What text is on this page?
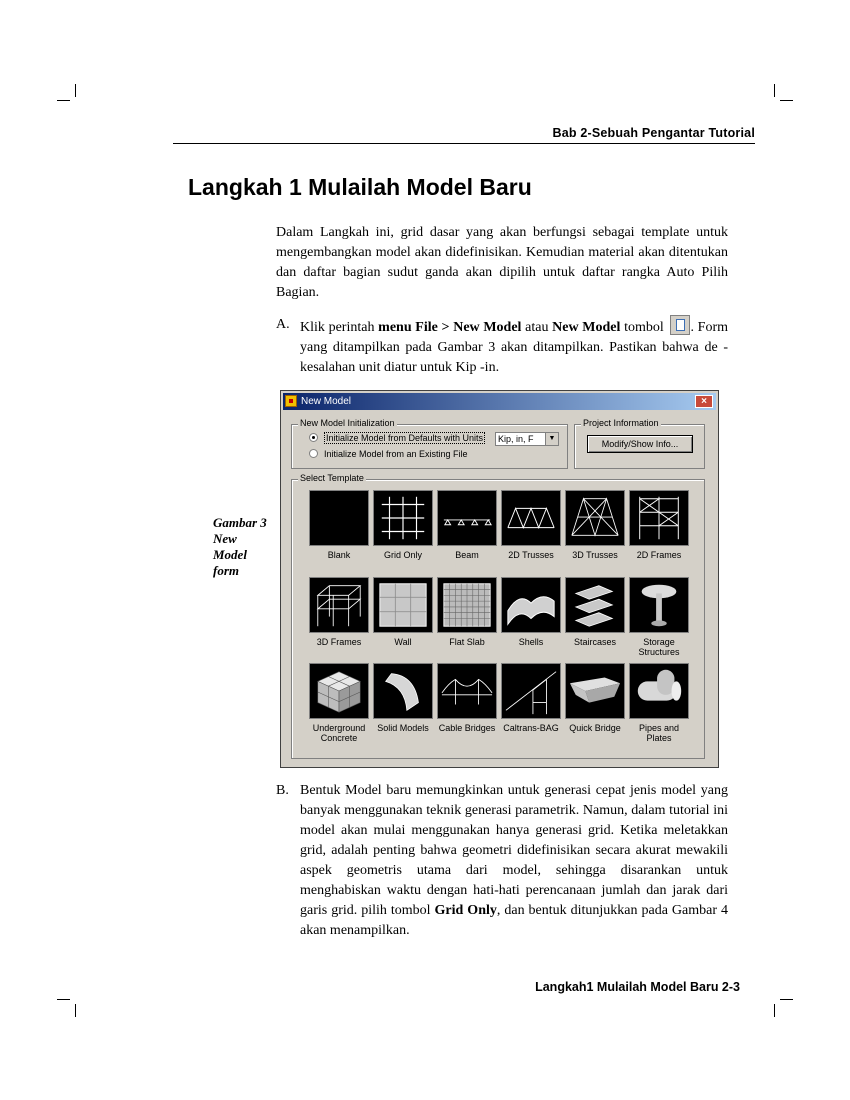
Bab 2-Sebuah Pengantar Tutorial
Langkah 1 Mulailah Model Baru

Dalam Langkah ini, grid dasar yang akan berfungsi sebagai template untuk mengembangkan model akan didefinisikan. Kemudian material akan ditentukan dan daftar bagian sudut ganda akan dipilih untuk daftar rangka Auto Pilih Bagian.

A. Klik perintah menu File > New Model atau New Model tombol . Form yang ditampilkan pada Gambar 3 akan ditampilkan. Pastikan bahwa de - kesalahan unit diatur untuk Kip -in.
Gambar 3
New
Model
form
New Model	×
New Model Initialization
Initialize Model from Defaults with Units
Initialize Model from an Existing File
Kip, in, F	▼
Project Information
Modify/Show Info...
Select Template
Blank	Grid Only	Beam	2D Trusses	3D Trusses	2D Frames
3D Frames	Wall	Flat Slab	Shells	Staircases	Storage Structures
Underground Concrete
Solid Models	Cable Bridges Caltrans-BAG	Quick Bridge	Pipes and Plates
B. Bentuk Model baru memungkinkan untuk generasi cepat jenis model yang banyak menggunakan teknik generasi parametrik. Namun, dalam tutorial ini model akan mulai menggunakan hanya generasi grid. Ketika meletakkan grid, adalah penting bahwa geometri didefinisikan secara akurat mewakili aspek geometris utama dari model, sehingga disarankan untuk menghabiskan waktu dengan hati-hati perencanaan jumlah dan jarak dari garis grid. pilih tombol Grid Only, dan bentuk ditunjukkan pada Gambar 4 akan menampilkan.
Langkah1 Mulailah Model Baru 2-3
